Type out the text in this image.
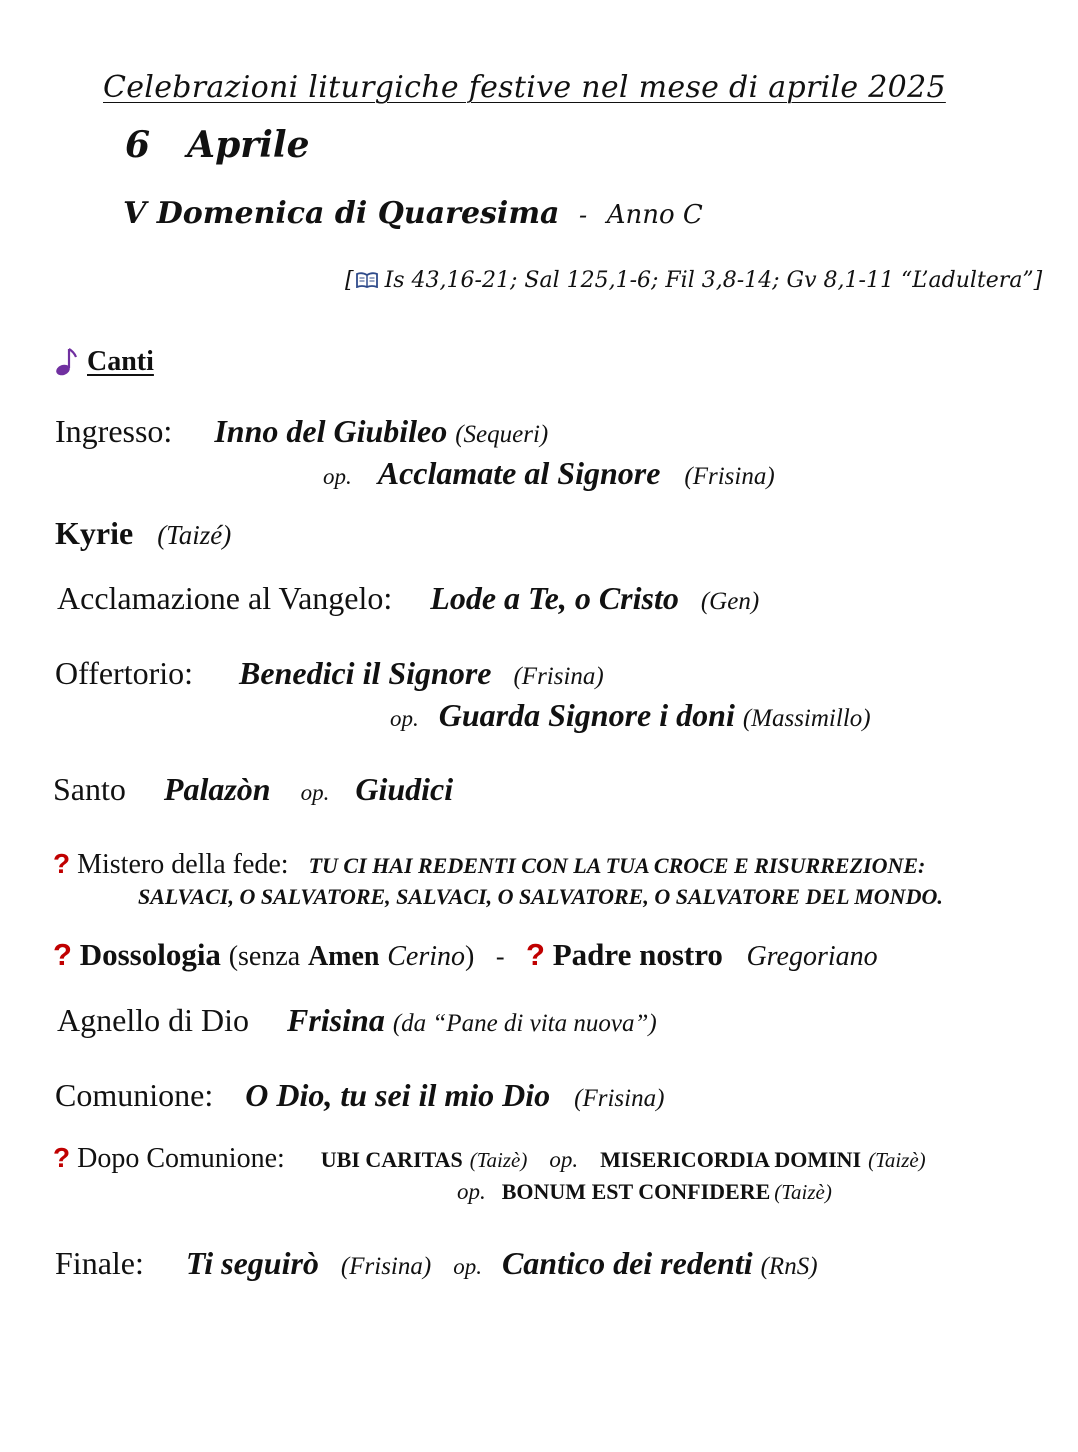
Celebrazioni liturgiche festive nel mese di aprile 2025
6 Aprile
V Domenica di Quaresima - Anno C
[ Is 43,16-21; Sal 125,1-6; Fil 3,8-14; Gv 8,1-11 “L’adultera”]
Canti
Ingresso: Inno del Giubileo (Sequeri)
op. Acclamate al Signore (Frisina)
Kyrie (Taizé)
Acclamazione al Vangelo: Lode a Te, o Cristo (Gen)
Offertorio: Benedici il Signore (Frisina)
op. Guarda Signore i doni (Massimillo)
Santo Palazòn op. Giudici
? Mistero della fede: TU CI HAI REDENTI CON LA TUA CROCE E RISURREZIONE:
SALVACI, O SALVATORE, SALVACI, O SALVATORE, O SALVATORE DEL MONDO.
? Dossologia (senza Amen Cerino) - ? Padre nostro Gregoriano
Agnello di Dio Frisina (da “Pane di vita nuova”)
Comunione: O Dio, tu sei il mio Dio (Frisina)
? Dopo Comunione: UBI CARITAS (Taizè) op. MISERICORDIA DOMINI (Taizè)
op. BONUM EST CONFIDERE (Taizè)
Finale: Ti seguirò (Frisina) op. Cantico dei redenti (RnS)
